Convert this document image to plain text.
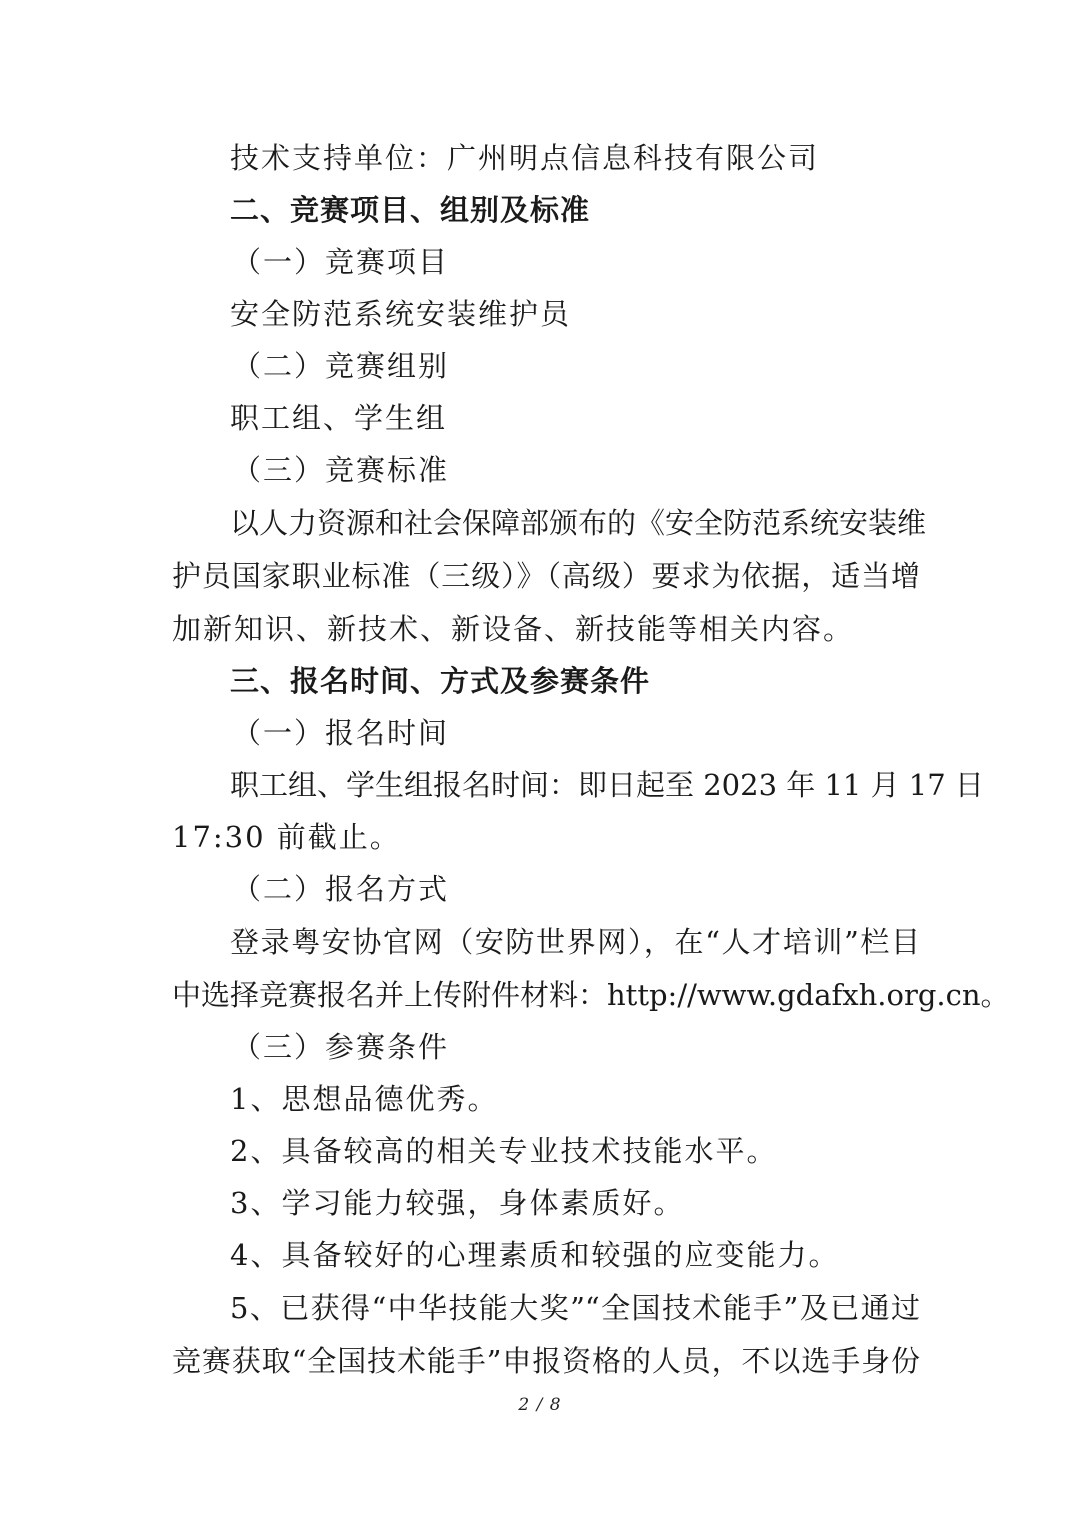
技术支持单位：广州明点信息科技有限公司
二、竞赛项目、组别及标准
（一）竞赛项目
安全防范系统安装维护员
（二）竞赛组别
职工组、学生组
（三）竞赛标准
以人力资源和社会保障部颁布的《安全防范系统安装维
护员国家职业标准（三级）》（高级）要求为依据，适当增
加新知识、新技术、新设备、新技能等相关内容。
三、报名时间、方式及参赛条件
（一）报名时间
职工组、学生组报名时间：即日起至 2023 年 11 月 17 日
17:30 前截止。
（二）报名方式
登录粤安协官网（安防世界网），在“人才培训”栏目
中选择竞赛报名并上传附件材料：http://www.gdafxh.org.cn。
（三）参赛条件
1、思想品德优秀。
2、具备较高的相关专业技术技能水平。
3、学习能力较强，身体素质好。
4、具备较好的心理素质和较强的应变能力。
5、已获得“中华技能大奖”“全国技术能手”及已通过
竞赛获取“全国技术能手”申报资格的人员，不以选手身份
2 / 8
